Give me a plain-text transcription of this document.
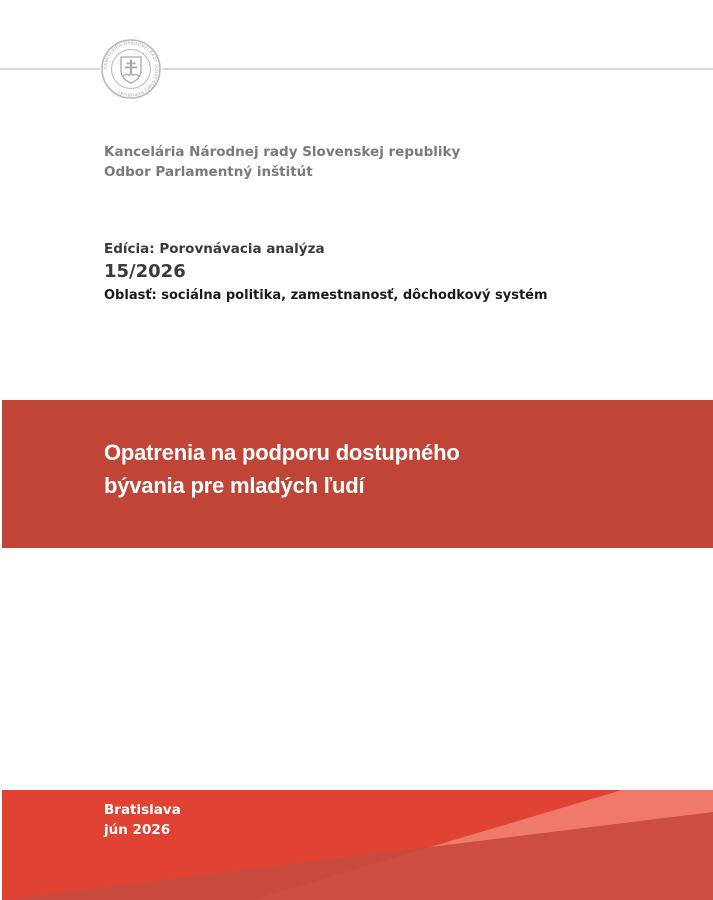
KANCELÁRIA NÁRODNEJ RADY SLOVENSKEJ REPUBLIKY
Kancelária Národnej rady Slovenskej republiky
Odbor Parlamentný inštitút
Edícia: Porovnávacia analýza
15/2026
Oblasť: sociálna politika, zamestnanosť, dôchodkový systém
Opatrenia na podporu dostupného
bývania pre mladých ľudí
Bratislava
jún 2026
